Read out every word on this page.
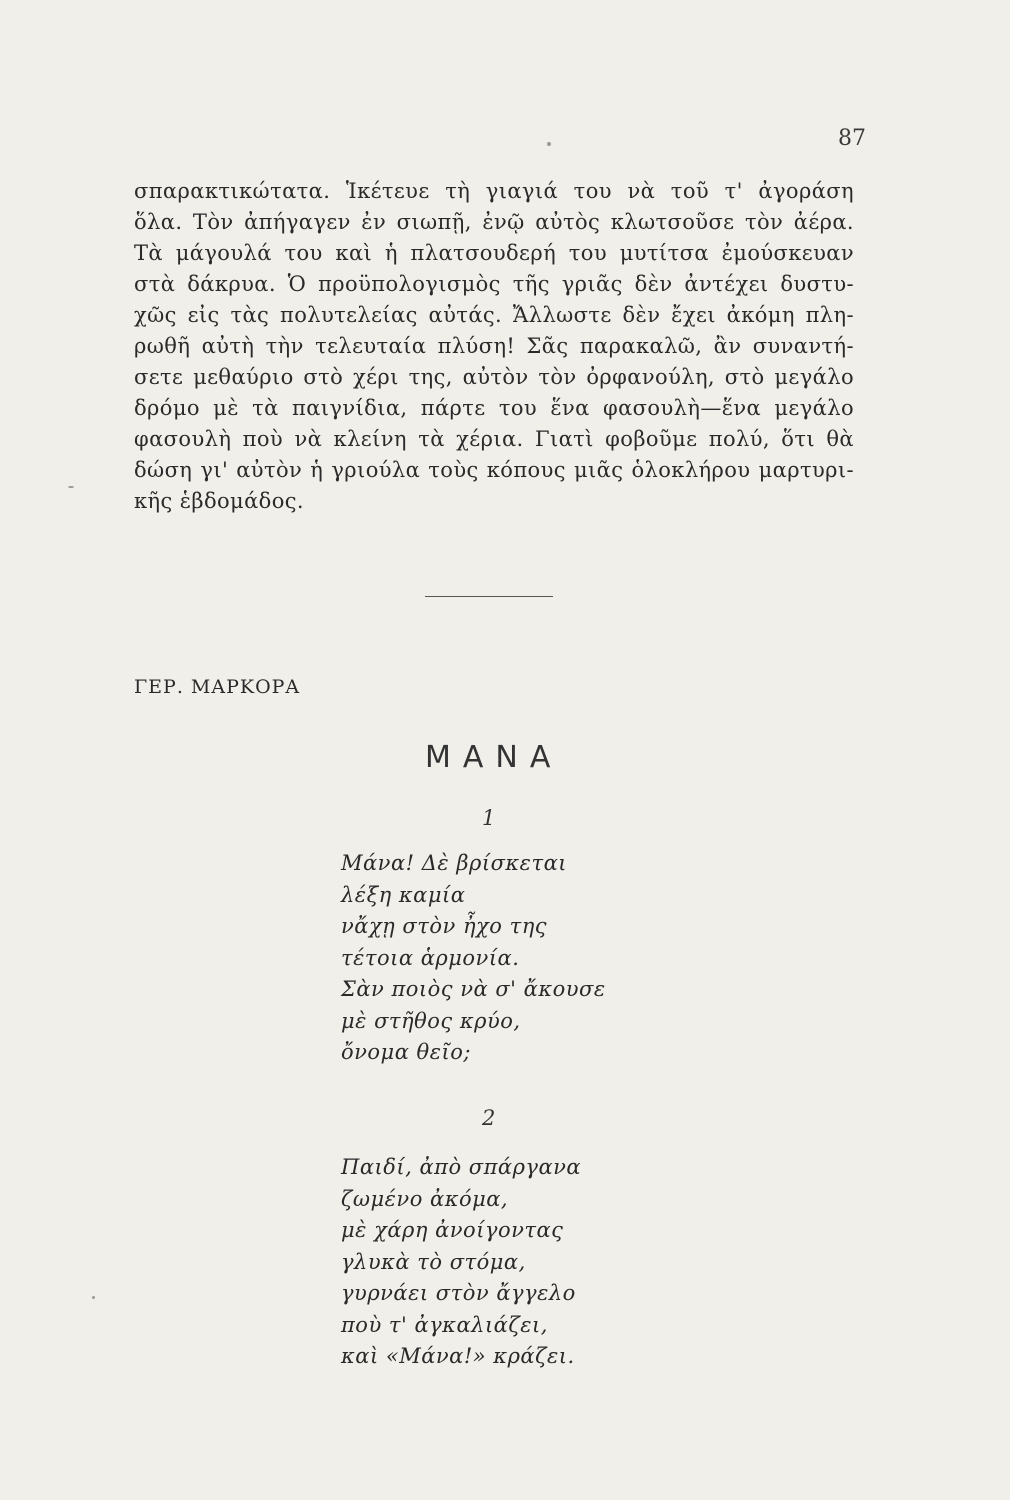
87
σπαρακτικώτατα. Ἱκέτευε τὴ γιαγιά του νὰ τοῦ τ' ἀγοράση
ὅλα. Τὸν ἀπήγαγεν ἐν σιωπῇ, ἐνῷ αὐτὸς κλωτσοῦσε τὸν ἀέρα.
Τὰ μάγουλά του καὶ ἡ πλατσουδερή του μυτίτσα ἐμούσκευαν
στὰ δάκρυα. Ὁ προϋπολογισμὸς τῆς γριᾶς δὲν ἀντέχει δυστυ-
χῶς εἰς τὰς πολυτελείας αὐτάς. Ἄλλωστε δὲν ἔχει ἀκόμη πλη-
ρωθῆ αὐτὴ τὴν τελευταία πλύση! Σᾶς παρακαλῶ, ἂν συναντή-
σετε μεθαύριο στὸ χέρι της, αὐτὸν τὸν ὀρφανούλη, στὸ μεγάλο
δρόμο μὲ τὰ παιγνίδια, πάρτε του ἕνα φασουλὴ—ἕνα μεγάλο
φασουλὴ ποὺ νὰ κλείνη τὰ χέρια. Γιατὶ φοβοῦμε πολύ, ὅτι θὰ
δώση γι' αὐτὸν ἡ γριούλα τοὺς κόπους μιᾶς ὁλοκλήρου μαρτυρι-
κῆς ἑβδομάδος.
ΓΕΡ. ΜΑΡΚΟΡΑ
ΜΑΝΑ
1
Μάνα! Δὲ βρίσκεται
λέξη καμία
νἄχῃ στὸν ἦχο της
τέτοια ἁρμονία.
Σὰν ποιὸς νὰ σ' ἄκουσε
μὲ στῆθος κρύο,
ὄνομα θεῖο;
2
Παιδί, ἀπὸ σπάργανα
ζωμένο ἀκόμα,
μὲ χάρη ἀνοίγοντας
γλυκὰ τὸ στόμα,
γυρνάει στὸν ἄγγελο
ποὺ τ' ἀγκαλιάζει,
καὶ «Μάνα!» κράζει.
